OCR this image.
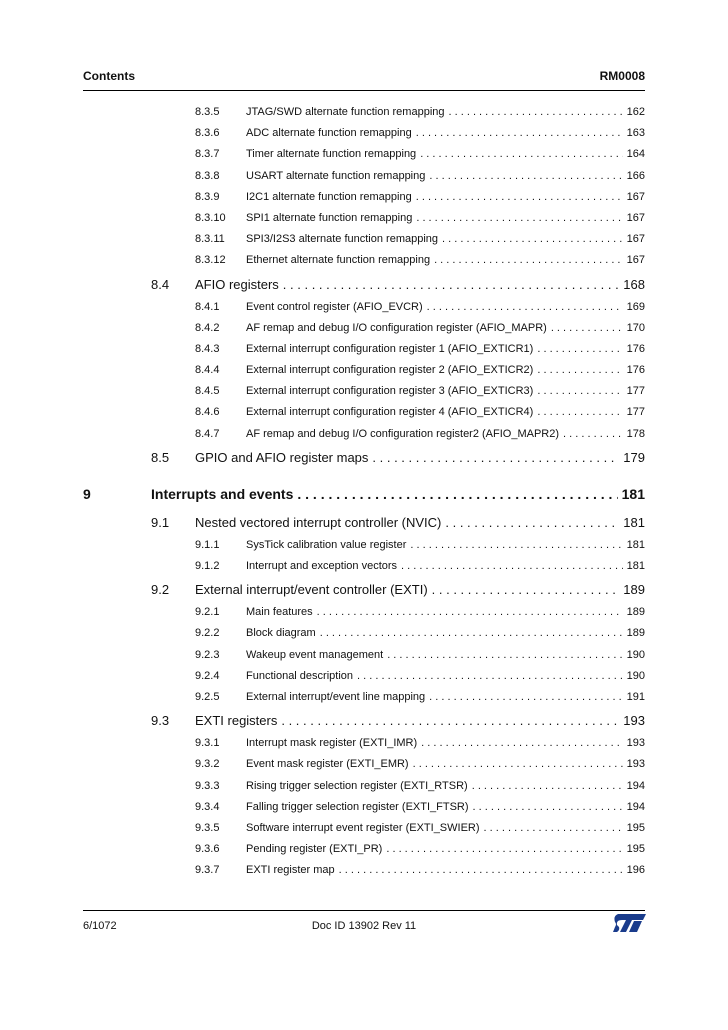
Contents	RM0008
8.3.5 JTAG/SWD alternate function remapping . . .	162
8.3.6 ADC alternate function remapping . . .	163
8.3.7 Timer alternate function remapping . . .	164
8.3.8 USART alternate function remapping . . .	166
8.3.9 I2C1 alternate function remapping . . .	167
8.3.10 SPI1 alternate function remapping . . .	167
8.3.11 SPI3/I2S3 alternate function remapping . . .	167
8.3.12 Ethernet alternate function remapping . . .	167
8.4 AFIO registers . . .	168
8.4.1 Event control register (AFIO_EVCR) . . .	169
8.4.2 AF remap and debug I/O configuration register (AFIO_MAPR) . . .	170
8.4.3 External interrupt configuration register 1 (AFIO_EXTICR1) . . .	176
8.4.4 External interrupt configuration register 2 (AFIO_EXTICR2) . . .	176
8.4.5 External interrupt configuration register 3 (AFIO_EXTICR3) . . .	177
8.4.6 External interrupt configuration register 4 (AFIO_EXTICR4) . . .	177
8.4.7 AF remap and debug I/O configuration register2 (AFIO_MAPR2) . . .	178
8.5 GPIO and AFIO register maps . . .	179
9	Interrupts and events . . .	181
9.1 Nested vectored interrupt controller (NVIC) . . .	181
9.1.1 SysTick calibration value register . . .	181
9.1.2 Interrupt and exception vectors . . .	181
9.2 External interrupt/event controller (EXTI) . . .	189
9.2.1 Main features . . .	189
9.2.2 Block diagram . . .	189
9.2.3 Wakeup event management . . .	190
9.2.4 Functional description . . .	190
9.2.5 External interrupt/event line mapping . . .	191
9.3 EXTI registers . . .	193
9.3.1 Interrupt mask register (EXTI_IMR) . . .	193
9.3.2 Event mask register (EXTI_EMR) . . .	193
9.3.3 Rising trigger selection register (EXTI_RTSR) . . .	194
9.3.4 Falling trigger selection register (EXTI_FTSR) . . .	194
9.3.5 Software interrupt event register (EXTI_SWIER) . . .	195
9.3.6 Pending register (EXTI_PR) . . .	195
9.3.7 EXTI register map . . .	196
6/1072	Doc ID 13902 Rev 11
